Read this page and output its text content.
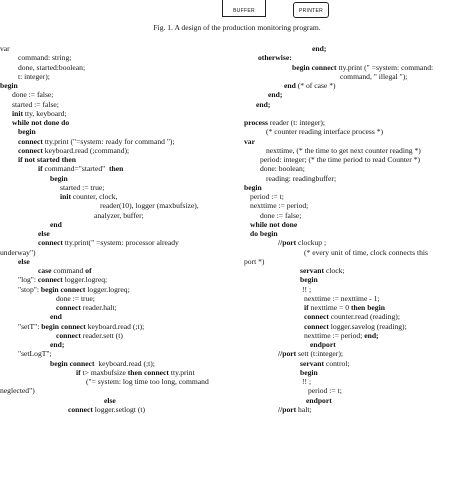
BUFFER	PRINTER
Fig. 1. A design of the production monitoring program.
var
command: string;
done, started:boolean;
t: integer);
begin
done := false;
started := false;
init tty, keyboard;
while not done do
begin
connect tty.print ("=system: ready for command ");
connect keyboard.read (;command);
if not started then
if command="started" then
begin
started := true;
init counter, clock,
reader(10), logger (maxbufsize),
analyzer, buffer;
end
else
connect tty.print(" =system: processor already
underway")
else
case command of
"log": connect logger.logreq;
"stop": begin connect logger.logreq;
done := true;
connect reader.halt;
end
"setT": begin connect keyboard.read (;t);
connect reader.sett (t)
end;
"setLogT";
begin connect keyboard.read (;t);
if t> maxbufsize then connect tty.print
("= system: log time too long, command
neglected")
else
connect logger.setlogt (t)
end;
otherwise:
begin connect tty.print (" =system: command:
command, " illegal ");
end (* of case *)
end;
end;
process reader (t: integer);
(* counter reading interface process *)
var
nexttime, (* the time to get next counter reading *)
period: integer; (* the time period to read Counter *)
done: boolean;
reading: readingbuffer;
begin
period := t;
nexttime := period;
done := false;
while not done
do begin
//port clockup ;
(* every unit of time, clock connects this
port *)
servant clock;
begin
!! ;
nexttime := nexttime - 1;
if nexttime = 0 then begin
connect counter.read (reading);
connect logger.savelog (reading);
nexttime := period; end;
endport
//port sett (t:integer);
servant control;
begin
!! ;
period := t;
endport
//port halt;
